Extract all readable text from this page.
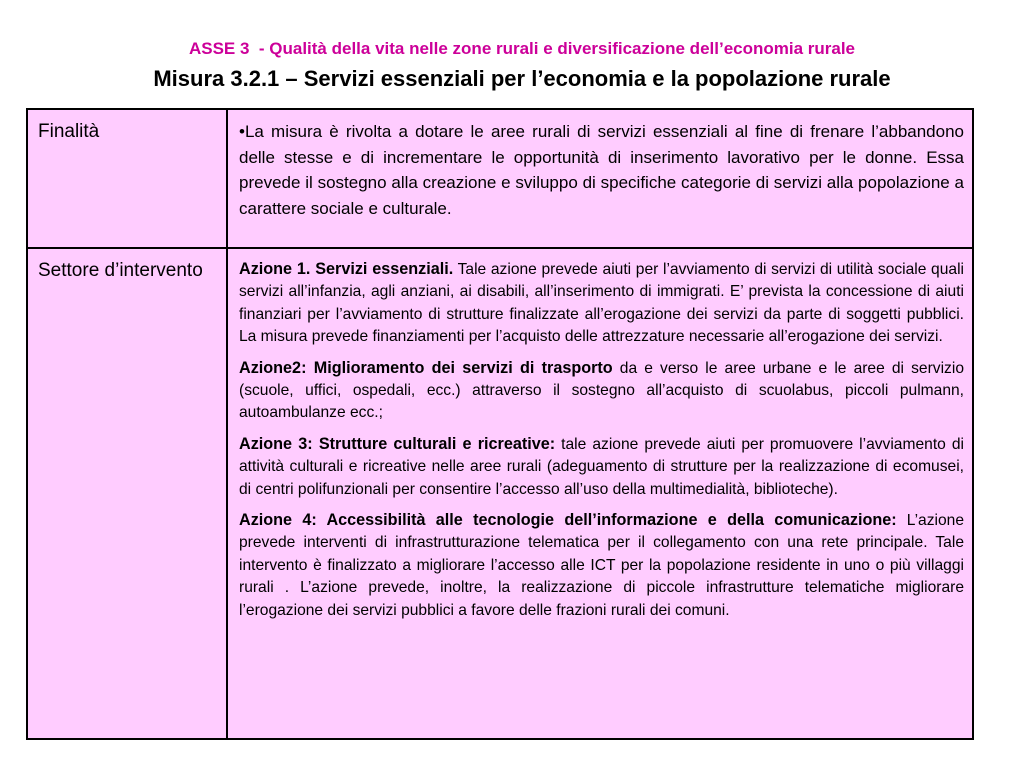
ASSE 3  - Qualità della vita nelle zone rurali e diversificazione dell’economia rurale
Misura 3.2.1 – Servizi essenziali per l’economia e la popolazione rurale
Finalità	•La misura è rivolta a dotare le aree rurali di servizi essenziali al fine di frenare l’abbandono delle stesse e di incrementare le opportunità di inserimento lavorativo per le donne. Essa prevede il sostegno alla creazione e sviluppo di specifiche categorie di servizi alla popolazione a carattere sociale e culturale.

Settore d’intervento	Azione 1. Servizi essenziali. Tale azione prevede aiuti per l’avviamento di servizi di utilità sociale quali servizi all’infanzia, agli anziani, ai disabili, all’inserimento di immigrati. E’ prevista la concessione di aiuti finanziari per l’avviamento di strutture finalizzate all’erogazione dei servizi da parte di soggetti pubblici. La misura prevede finanziamenti per l’acquisto delle attrezzature necessarie all’erogazione dei servizi.

Azione2: Miglioramento dei servizi di trasporto da e verso le aree urbane e le aree di servizio (scuole, uffici, ospedali, ecc.) attraverso il sostegno all’acquisto di scuolabus, piccoli pulmann, autoambulanze ecc.;

Azione 3: Strutture culturali e ricreative: tale azione prevede aiuti per promuovere l’avviamento di attività culturali e ricreative nelle aree rurali (adeguamento di strutture per la realizzazione di ecomusei, di centri polifunzionali per consentire l’accesso all’uso della multimedialità, biblioteche).

Azione 4: Accessibilità alle tecnologie dell’informazione e della comunicazione: L’azione prevede interventi di infrastrutturazione telematica per il collegamento con una rete principale. Tale intervento è finalizzato a migliorare l’accesso alle ICT per la popolazione residente in uno o più villaggi rurali . L’azione prevede, inoltre, la realizzazione di piccole infrastrutture telematiche migliorare l’erogazione dei servizi pubblici a favore delle frazioni rurali dei comuni.
